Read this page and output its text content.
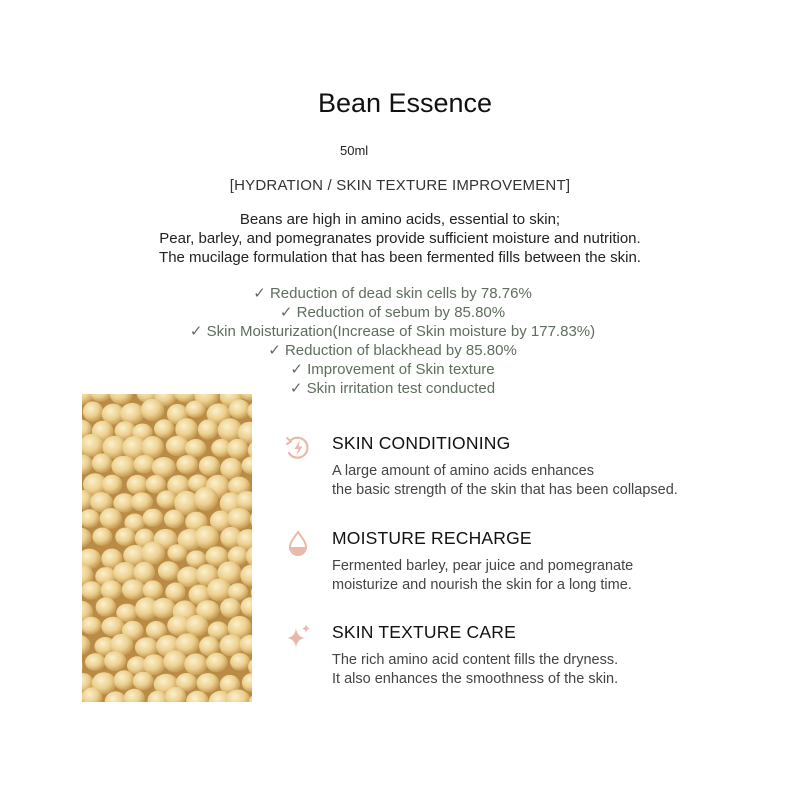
Bean Essence
50ml
[HYDRATION / SKIN TEXTURE IMPROVEMENT]
Beans are high in amino acids, essential to skin;
Pear, barley, and pomegranates provide sufficient moisture and nutrition.
The mucilage formulation that has been fermented fills between the skin.
✓ Reduction of dead skin cells by 78.76%
✓ Reduction of sebum by 85.80%
✓ Skin Moisturization(Increase of Skin moisture by 177.83%)
✓ Reduction of blackhead by 85.80%
✓ Improvement of Skin texture
✓ Skin irritation test conducted
SKIN CONDITIONING
A large amount of amino acids enhances
the basic strength of the skin that has been collapsed.
MOISTURE RECHARGE
Fermented barley, pear juice and pomegranate
moisturize and nourish the skin for a long time.
SKIN TEXTURE CARE
The rich amino acid content fills the dryness.
It also enhances the smoothness of the skin.
